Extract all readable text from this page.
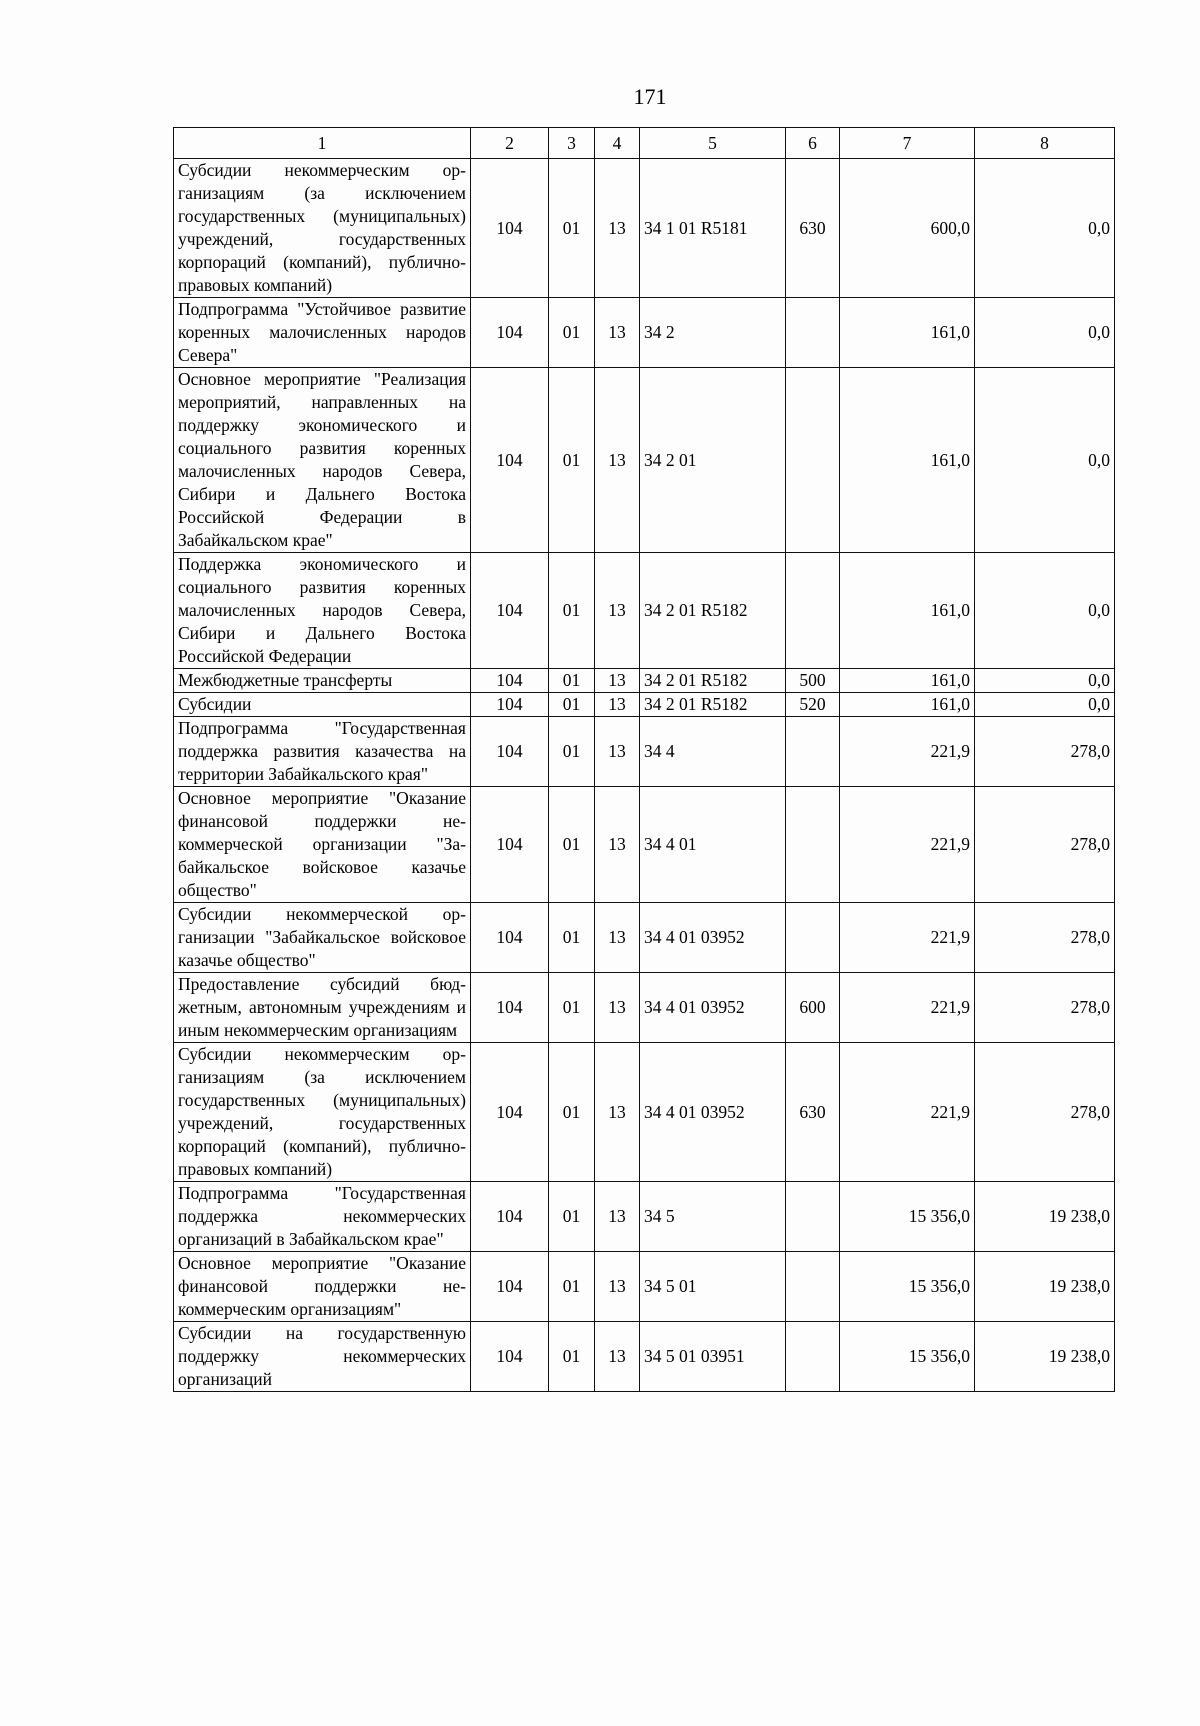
171
1	2	3	4	5	6	7	8
Субсидии некоммерческим организациям (за исключением государственных (муниципальных) учреждений, государственных корпораций (компаний), публично-правовых компаний)	104	01	13	34 1 01 R5181	630	600,0	0,0
Подпрограмма "Устойчивое развитие коренных малочисленных народов Севера"	104	01	13	34 2		161,0	0,0
Основное мероприятие "Реализация мероприятий, направленных на поддержку экономического и социального развития коренных малочисленных народов Севера, Сибири и Дальнего Востока Российской Федерации в Забайкальском крае"	104	01	13	34 2 01		161,0	0,0
Поддержка экономического и социального развития коренных малочисленных народов Севера, Сибири и Дальнего Востока Российской Федерации	104	01	13	34 2 01 R5182		161,0	0,0
Межбюджетные трансферты	104	01	13	34 2 01 R5182	500	161,0	0,0
Субсидии	104	01	13	34 2 01 R5182	520	161,0	0,0
Подпрограмма "Государственная поддержка развития казачества на территории Забайкальского края"	104	01	13	34 4		221,9	278,0
Основное мероприятие "Оказание финансовой поддержки некоммерческой организации "Забайкальское войсковое казачье общество"	104	01	13	34 4 01		221,9	278,0
Субсидии некоммерческой организации "Забайкальское войсковое казачье общество"	104	01	13	34 4 01 03952		221,9	278,0
Предоставление субсидий бюджетным, автономным учреждениям и иным некоммерческим организациям	104	01	13	34 4 01 03952	600	221,9	278,0
Субсидии некоммерческим организациям (за исключением государственных (муниципальных) учреждений, государственных корпораций (компаний), публично-правовых компаний)	104	01	13	34 4 01 03952	630	221,9	278,0
Подпрограмма "Государственная поддержка некоммерческих организаций в Забайкальском крае"	104	01	13	34 5		15 356,0	19 238,0
Основное мероприятие "Оказание финансовой поддержки некоммерческим организациям"	104	01	13	34 5 01		15 356,0	19 238,0
Субсидии на государственную поддержку некоммерческих организаций	104	01	13	34 5 01 03951		15 356,0	19 238,0
